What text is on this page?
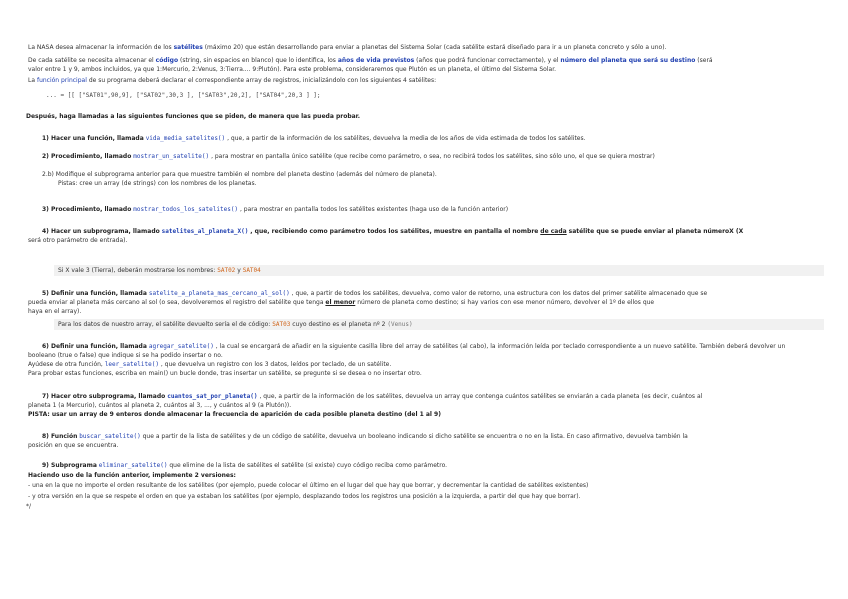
La NASA desea almacenar la información de los satélites (máximo 20) que están desarrollando para enviar a planetas del Sistema Solar (cada satélite estará diseñado para ir a un planeta concreto y sólo a uno).
De cada satélite se necesita almacenar el código (string, sin espacios en blanco) que lo identifica, los años de vida previstos (años que podrá funcionar correctamente), y el número del planeta que será su destino (será
valor entre 1 y 9, ambos incluidos, ya que 1:Mercurio, 2:Venus, 3:Tierra.... 9:Plutón). Para este problema, consideraremos que Plutón es un planeta, el último del Sistema Solar.
La función principal de su programa deberá declarar el correspondiente array de registros, inicializándolo con los siguientes 4 satélites:
... = [[ ["SAT01",90,9], ["SAT02",30,3 ], ["SAT03",20,2], ["SAT04",20,3 ] ];
Después, haga llamadas a las siguientes funciones que se piden, de manera que las pueda probar.
1) Hacer una función, llamada vida_media_satelites() , que, a partir de la información de los satélites, devuelva la media de los años de vida estimada de todos los satélites.
2) Procedimiento, llamado mostrar_un_satelite() , para mostrar en pantalla único satélite (que recibe como parámetro, o sea, no recibirá todos los satélites, sino sólo uno, el que se quiera mostrar)
2.b) Modifique el subprograma anterior para que muestre también el nombre del planeta destino (además del número de planeta).
Pistas: cree un array (de strings) con los nombres de los planetas.
3) Procedimiento, llamado mostrar_todos_los_satelites() , para mostrar en pantalla todos los satélites existentes (haga uso de la función anterior)
4) Hacer un subprograma, llamado satelites_al_planeta_X() , que, recibiendo como parámetro todos los satélites, muestre en pantalla el nombre de cada satélite que se puede enviar al planeta númeroX (X
será otro parámetro de entrada).
Si X vale 3 (Tierra), deberán mostrarse los nombres: SAT02 y SAT04
5) Definir una función, llamada satelite_a_planeta_mas_cercano_al_sol() , que, a partir de todos los satélites, devuelva, como valor de retorno, una estructura con los datos del primer satélite almacenado que se
pueda enviar al planeta más cercano al sol (o sea, devolveremos el registro del satélite que tenga el menor número de planeta como destino; si hay varios con ese menor número, devolver el 1º de ellos que
haya en el array).
Para los datos de nuestro array, el satélite devuelto sería el de código: SAT03 cuyo destino es el planeta nº 2 (Venus)
6) Definir una función, llamada agregar_satelite() , la cual se encargará de añadir en la siguiente casilla libre del array de satélites (al cabo), la información leída por teclado correspondiente a un nuevo satélite. También deberá devolver un
booleano (true o false) que indique si se ha podido insertar o no.
Ayúdese de otra función, leer_satelite() , que devuelva un registro con los 3 datos, leídos por teclado, de un satélite.
Para probar estas funciones, escriba en main() un bucle donde, tras insertar un satélite, se pregunte si se desea o no insertar otro.
7) Hacer otro subprograma, llamado cuantos_sat_por_planeta() , que, a partir de la información de los satélites, devuelva un array que contenga cuántos satélites se enviarán a cada planeta (es decir, cuántos al
planeta 1 (a Mercurio), cuántos al planeta 2, cuántos al 3, ..., y cuántos al 9 (a Plutón)).
PISTA: usar un array de 9 enteros donde almacenar la frecuencia de aparición de cada posible planeta destino (del 1 al 9)
8) Función buscar_satelite() que a partir de la lista de satélites y de un código de satélite, devuelva un booleano indicando si dicho satélite se encuentra o no en la lista. En caso afirmativo, devuelva también la
posición en que se encuentra.
9) Subprograma eliminar_satelite() que elimine de la lista de satélites el satélite (si existe) cuyo código reciba como parámetro.
Haciendo uso de la función anterior, implemente 2 versiones:
- una en la que no importe el orden resultante de los satélites (por ejemplo, puede colocar el último en el lugar del que hay que borrar, y decrementar la cantidad de satélites existentes)
- y otra versión en la que se respete el orden en que ya estaban los satélites (por ejemplo, desplazando todos los registros una posición a la izquierda, a partir del que hay que borrar).
*/
